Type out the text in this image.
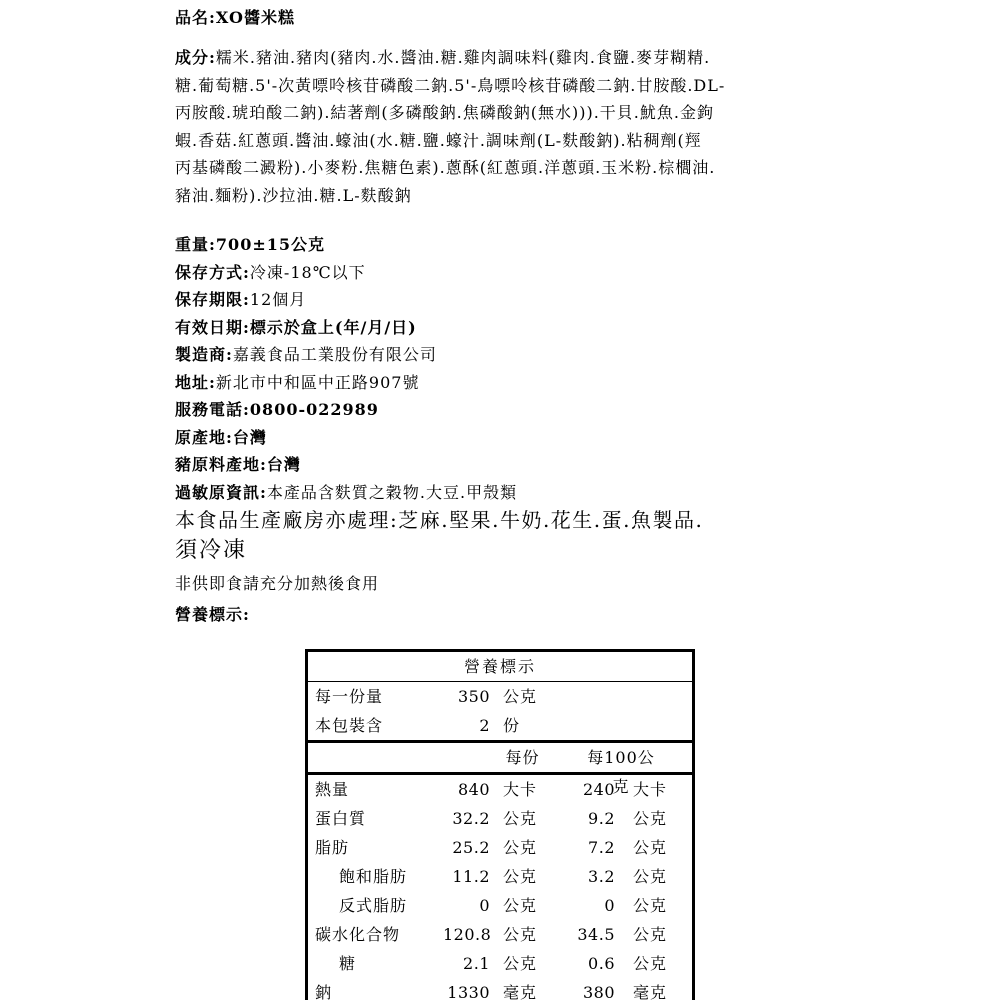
品名:XO醬米糕
成分:糯米.豬油.豬肉(豬肉.水.醬油.糖.雞肉調味料(雞肉.食鹽.麥芽糊精.
糖.葡萄糖.5'-次黃嘌呤核苷磷酸二鈉.5'-鳥嘌呤核苷磷酸二鈉.甘胺酸.DL-
丙胺酸.琥珀酸二鈉).結著劑(多磷酸鈉.焦磷酸鈉(無水))).干貝.魷魚.金鉤
蝦.香菇.紅蔥頭.醬油.蠔油(水.糖.鹽.蠔汁.調味劑(L-麩酸鈉).粘稠劑(羥
丙基磷酸二澱粉).小麥粉.焦糖色素).蔥酥(紅蔥頭.洋蔥頭.玉米粉.棕櫚油.
豬油.麵粉).沙拉油.糖.L-麩酸鈉
重量:700±15公克
保存方式:冷凍-18℃以下
保存期限:12個月
有效日期:標示於盒上(年/月/日)
製造商:嘉義食品工業股份有限公司
地址:新北市中和區中正路907號
服務電話:0800-022989
原產地:台灣
豬原料產地:台灣
過敏原資訊:本產品含麩質之穀物.大豆.甲殼類
本食品生產廠房亦處理:芝麻.堅果.牛奶.花生.蛋.魚製品.
須冷凍
非供即食請充分加熱後食用
營養標示:
營養標示
每一份量	350 公克
本包裝含	2 份
每份	每100公克
熱量	840 大卡	240	大卡
蛋白質	32.2 公克	9.2	公克
脂肪	25.2 公克	7.2	公克
飽和脂肪	11.2 公克	3.2	公克
反式脂肪	0 公克	0	公克
碳水化合物	120.8 公克	34.5	公克
糖	2.1 公克	0.6	公克
鈉	1330 毫克	380	毫克
